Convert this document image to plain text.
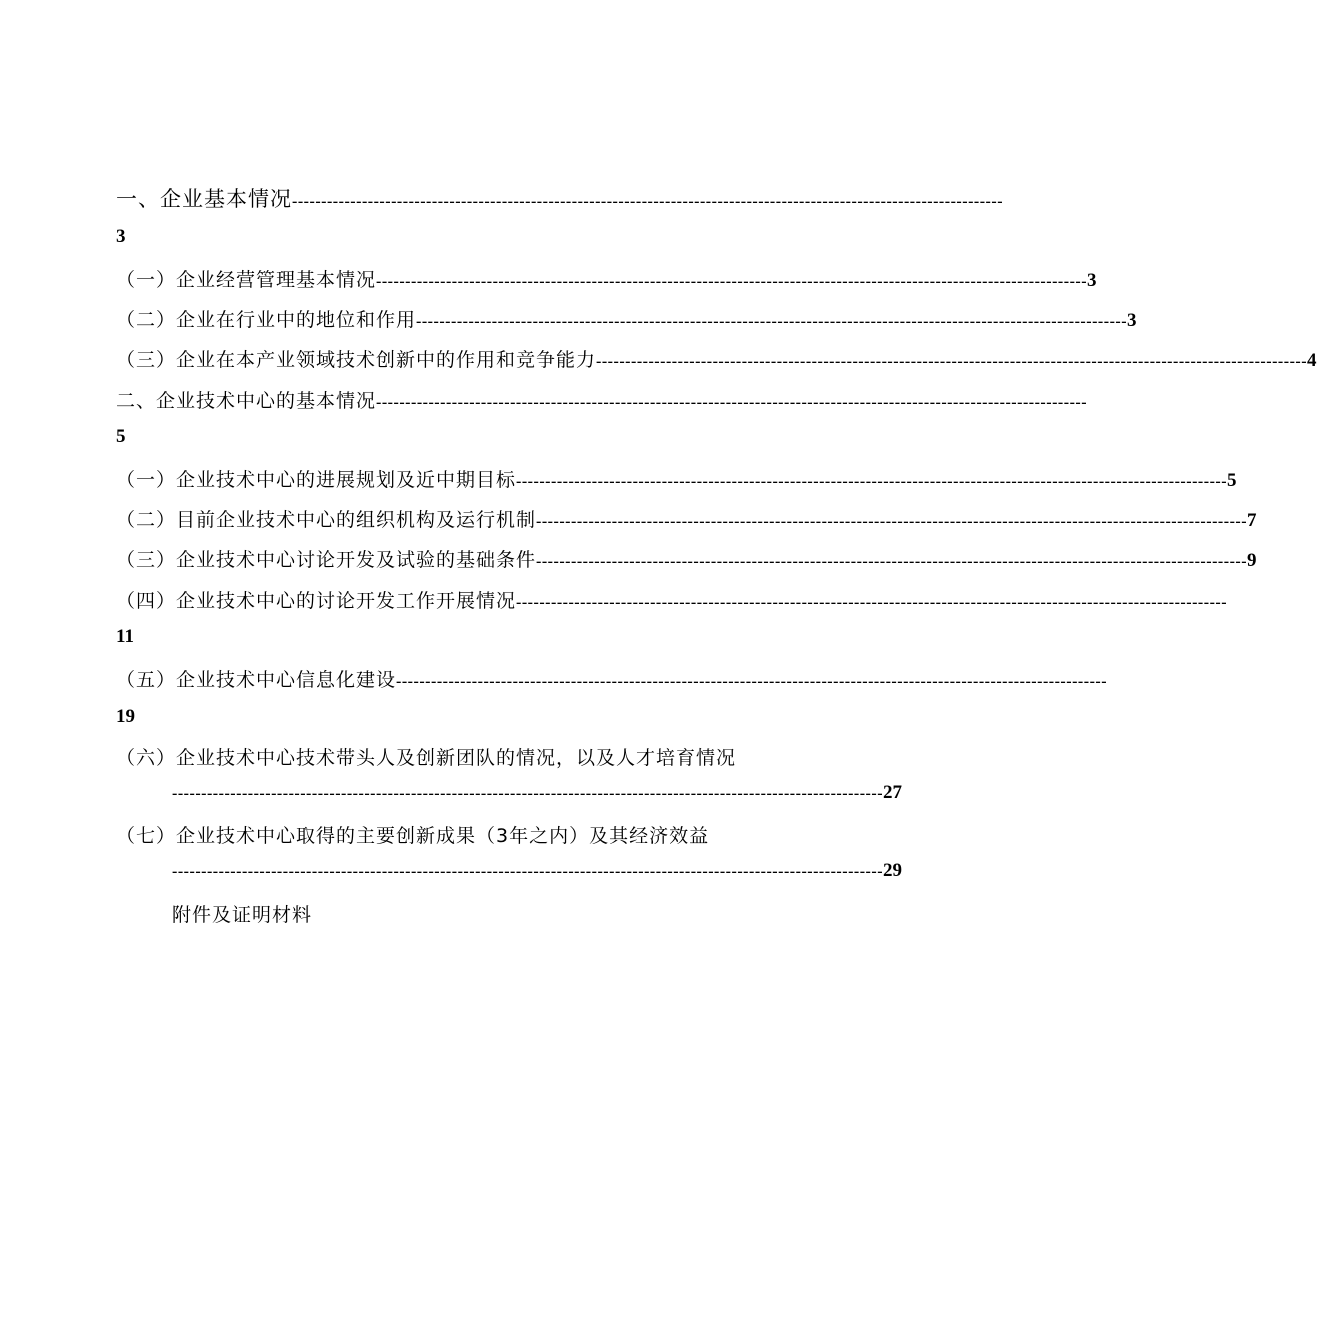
一、企业基本情况 --------------------------------------------------------------------------------------------------------------------------
3
（一）企业经营管理基本情况 -------------------------------------------------------------------------------------------------------------------------- 3
（二）企业在行业中的地位和作用 -------------------------------------------------------------------------------------------------------------------------- 3
（三）企业在本产业领域技术创新中的作用和竞争能力 -------------------------------------------------------------------------------------------------------------------------- 4
二、企业技术中心的基本情况 --------------------------------------------------------------------------------------------------------------------------
5
（一）企业技术中心的进展规划及近中期目标 -------------------------------------------------------------------------------------------------------------------------- 5
（二）目前企业技术中心的组织机构及运行机制 -------------------------------------------------------------------------------------------------------------------------- 7
（三）企业技术中心讨论开发及试验的基础条件 -------------------------------------------------------------------------------------------------------------------------- 9
（四）企业技术中心的讨论开发工作开展情况 --------------------------------------------------------------------------------------------------------------------------
11
（五）企业技术中心信息化建设 --------------------------------------------------------------------------------------------------------------------------
19
（六）企业技术中心技术带头人及创新团队的情况，以及人才培育情况
-------------------------------------------------------------------------------------------------------------------------- 27
（七）企业技术中心取得的主要创新成果（3年之内）及其经济效益
-------------------------------------------------------------------------------------------------------------------------- 29
附件及证明材料
